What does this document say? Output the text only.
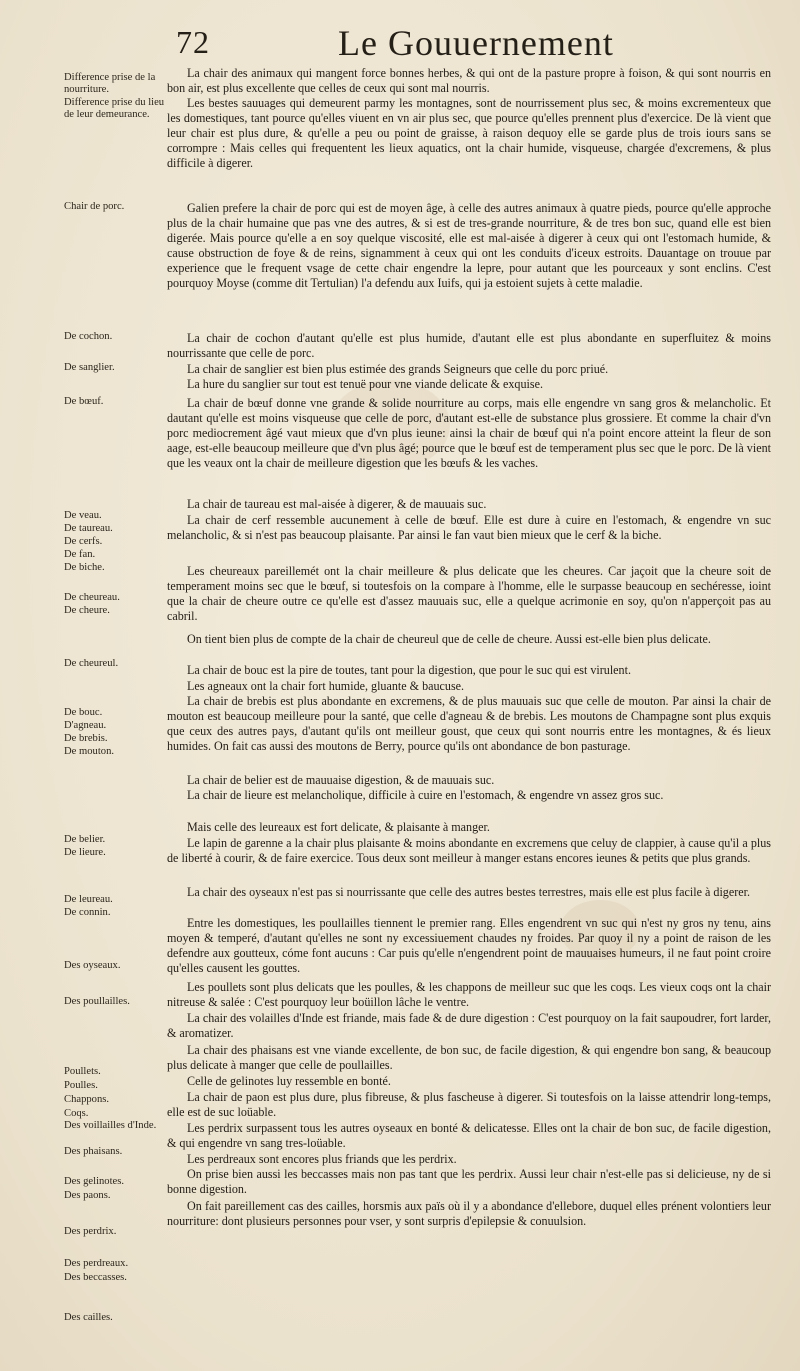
72	Le Gouuernement
Difference prise de la nourriture.
Difference prise du lieu de leur demeurance.
Chair de porc.
De cochon.
De sanglier.
De bœuf.
De veau.
De taureau.
De cerfs.
De fan.
De biche.
De cheureau.
De cheure.
De cheureul.
De bouc.
D'agneau.
De brebis.
De mouton.
De belier.
De lieure.
De leureau.
De connin.
Des oyseaux.
Des poullailles.
Poullets.
Poulles.
Chappons.
Coqs.
Des voillailles d'Inde.
Des phaisans.
Des gelinotes.
Des paons.
Des perdrix.
Des perdreaux.
Des beccasses.
Des cailles.

La chair des animaux qui mangent force bonnes herbes, & qui ont de la pasture propre à foison, & qui sont nourris en bon air, est plus excellente que celles de ceux qui sont mal nourris.

Les bestes sauuages qui demeurent parmy les montagnes, sont de nourrissement plus sec, & moins excrementeux que les domestiques, tant pource qu'elles viuent en vn air plus sec, que pource qu'elles prennent plus d'exercice. De là vient que leur chair est plus dure, & qu'elle a peu ou point de graisse, à raison dequoy elle se garde plus de trois iours sans se corrompre : Mais celles qui frequentent les lieux aquatics, ont la chair humide, visqueuse, chargée d'excremens, & plus difficile à digerer.

Galien prefere la chair de porc qui est de moyen âge, à celle des autres animaux à quatre pieds, pource qu'elle approche plus de la chair humaine que pas vne des autres, & si est de tres-grande nourriture, & de tres bon suc, quand elle est bien digerée. Mais pource qu'elle a en soy quelque viscosité, elle est mal-aisée à digerer à ceux qui ont l'estomach humide, & cause obstruction de foye & de reins, signamment à ceux qui ont les conduits d'iceux estroits. Dauantage on trouue par experience que le frequent vsage de cette chair engendre la lepre, pour autant que les pourceaux y sont enclins. C'est pourquoy Moyse (comme dit Tertulian) l'a defendu aux Iuifs, qui ja estoient sujets à cette maladie.

La chair de cochon d'autant qu'elle est plus humide, d'autant elle est plus abondante en superfluitez & moins nourrissante que celle de porc.

La chair de sanglier est bien plus estimée des grands Seigneurs que celle du porc priué.

La hure du sanglier sur tout est tenuë pour vne viande delicate & exquise.

La chair de bœuf donne vne grande & solide nourriture au corps, mais elle engendre vn sang gros & melancholic. Et dautant qu'elle est moins visqueuse que celle de porc, d'autant est-elle de substance plus grossiere. Et comme la chair d'vn porc mediocrement âgé vaut mieux que d'vn plus ieune: ainsi la chair de bœuf qui n'a point encore atteint la fleur de son aage, est-elle beaucoup meilleure que d'vn plus âgé; pource que le bœuf est de temperament plus sec que le porc. De là vient que les veaux ont la chair de meilleure digestion que les bœufs & les vaches.

La chair de taureau est mal-aisée à digerer, & de mauuais suc.

La chair de cerf ressemble aucunement à celle de bœuf. Elle est dure à cuire en l'estomach, & engendre vn suc melancholic, & si n'est pas beaucoup plaisante. Par ainsi le fan vaut bien mieux que le cerf & la biche.

Les cheureaux pareillemét ont la chair meilleure & plus delicate que les cheures. Car jaçoit que la cheure soit de temperament moins sec que le bœuf, si toutesfois on la compare à l'homme, elle le surpasse beaucoup en sechéresse, ioint que la chair de cheure outre ce qu'elle est d'assez mauuais suc, elle a quelque acrimonie en soy, qu'on n'apperçoit pas au cabril.

On tient bien plus de compte de la chair de cheureul que de celle de cheure. Aussi est-elle bien plus delicate.

La chair de bouc est la pire de toutes, tant pour la digestion, que pour le suc qui est virulent.

Les agneaux ont la chair fort humide, gluante & baucuse.

La chair de brebis est plus abondante en excremens, & de plus mauuais suc que celle de mouton. Par ainsi la chair de mouton est beaucoup meilleure pour la santé, que celle d'agneau & de brebis. Les moutons de Champagne sont plus exquis que ceux des autres pays, d'autant qu'ils ont meilleur goust, que ceux qui sont nourris entre les montagnes, & és lieux humides. On fait cas aussi des moutons de Berry, pource qu'ils ont abondance de bon pasturage.

La chair de belier est de mauuaise digestion, & de mauuais suc.

La chair de lieure est melancholique, difficile à cuire en l'estomach, & engendre vn assez gros suc.

Mais celle des leureaux est fort delicate, & plaisante à manger.

Le lapin de garenne a la chair plus plaisante & moins abondante en excremens que celuy de clappier, à cause qu'il a plus de liberté à courir, & de faire exercice. Tous deux sont meilleur à manger estans encores ieunes & petits que plus grands.

La chair des oyseaux n'est pas si nourrissante que celle des autres bestes terrestres, mais elle est plus facile à digerer.

Entre les domestiques, les poullailles tiennent le premier rang. Elles engendrent vn suc qui n'est ny gros ny tenu, ains moyen & temperé, d'autant qu'elles ne sont ny excessiuement chaudes ny froides. Par quoy il ny a point de raison de les defendre aux goutteux, cóme font aucuns : Car puis qu'elle n'engendrent point de mauuaises humeurs, il ne faut point croire qu'elles causent les gouttes.

Les poullets sont plus delicats que les poulles, & les chappons de meilleur suc que les coqs. Les vieux coqs ont la chair nitreuse & salée : C'est pourquoy leur boüillon lâche le ventre.

La chair des volailles d'Inde est friande, mais fade & de dure digestion : C'est pourquoy on la fait saupoudrer, fort larder, & aromatizer.

La chair des phaisans est vne viande excellente, de bon suc, de facile digestion, & qui engendre bon sang, & beaucoup plus delicate à manger que celle de poullailles.

Celle de gelinotes luy ressemble en bonté.

La chair de paon est plus dure, plus fibreuse, & plus fascheuse à digerer. Si toutesfois on la laisse attendrir long-temps, elle est de suc loüable.

Les perdrix surpassent tous les autres oyseaux en bonté & delicatesse. Elles ont la chair de bon suc, de facile digestion, & qui engendre vn sang tres-loüable.

Les perdreaux sont encores plus friands que les perdrix.

On prise bien aussi les beccasses mais non pas tant que les perdrix. Aussi leur chair n'est-elle pas si delicieuse, ny de si bonne digestion.

On fait pareillement cas des cailles, horsmis aux païs où il y a abondance d'ellebore, duquel elles prénent volontiers leur nourriture: dont plusieurs personnes pour vser, y sont surpris d'epilepsie & conuulsion.
